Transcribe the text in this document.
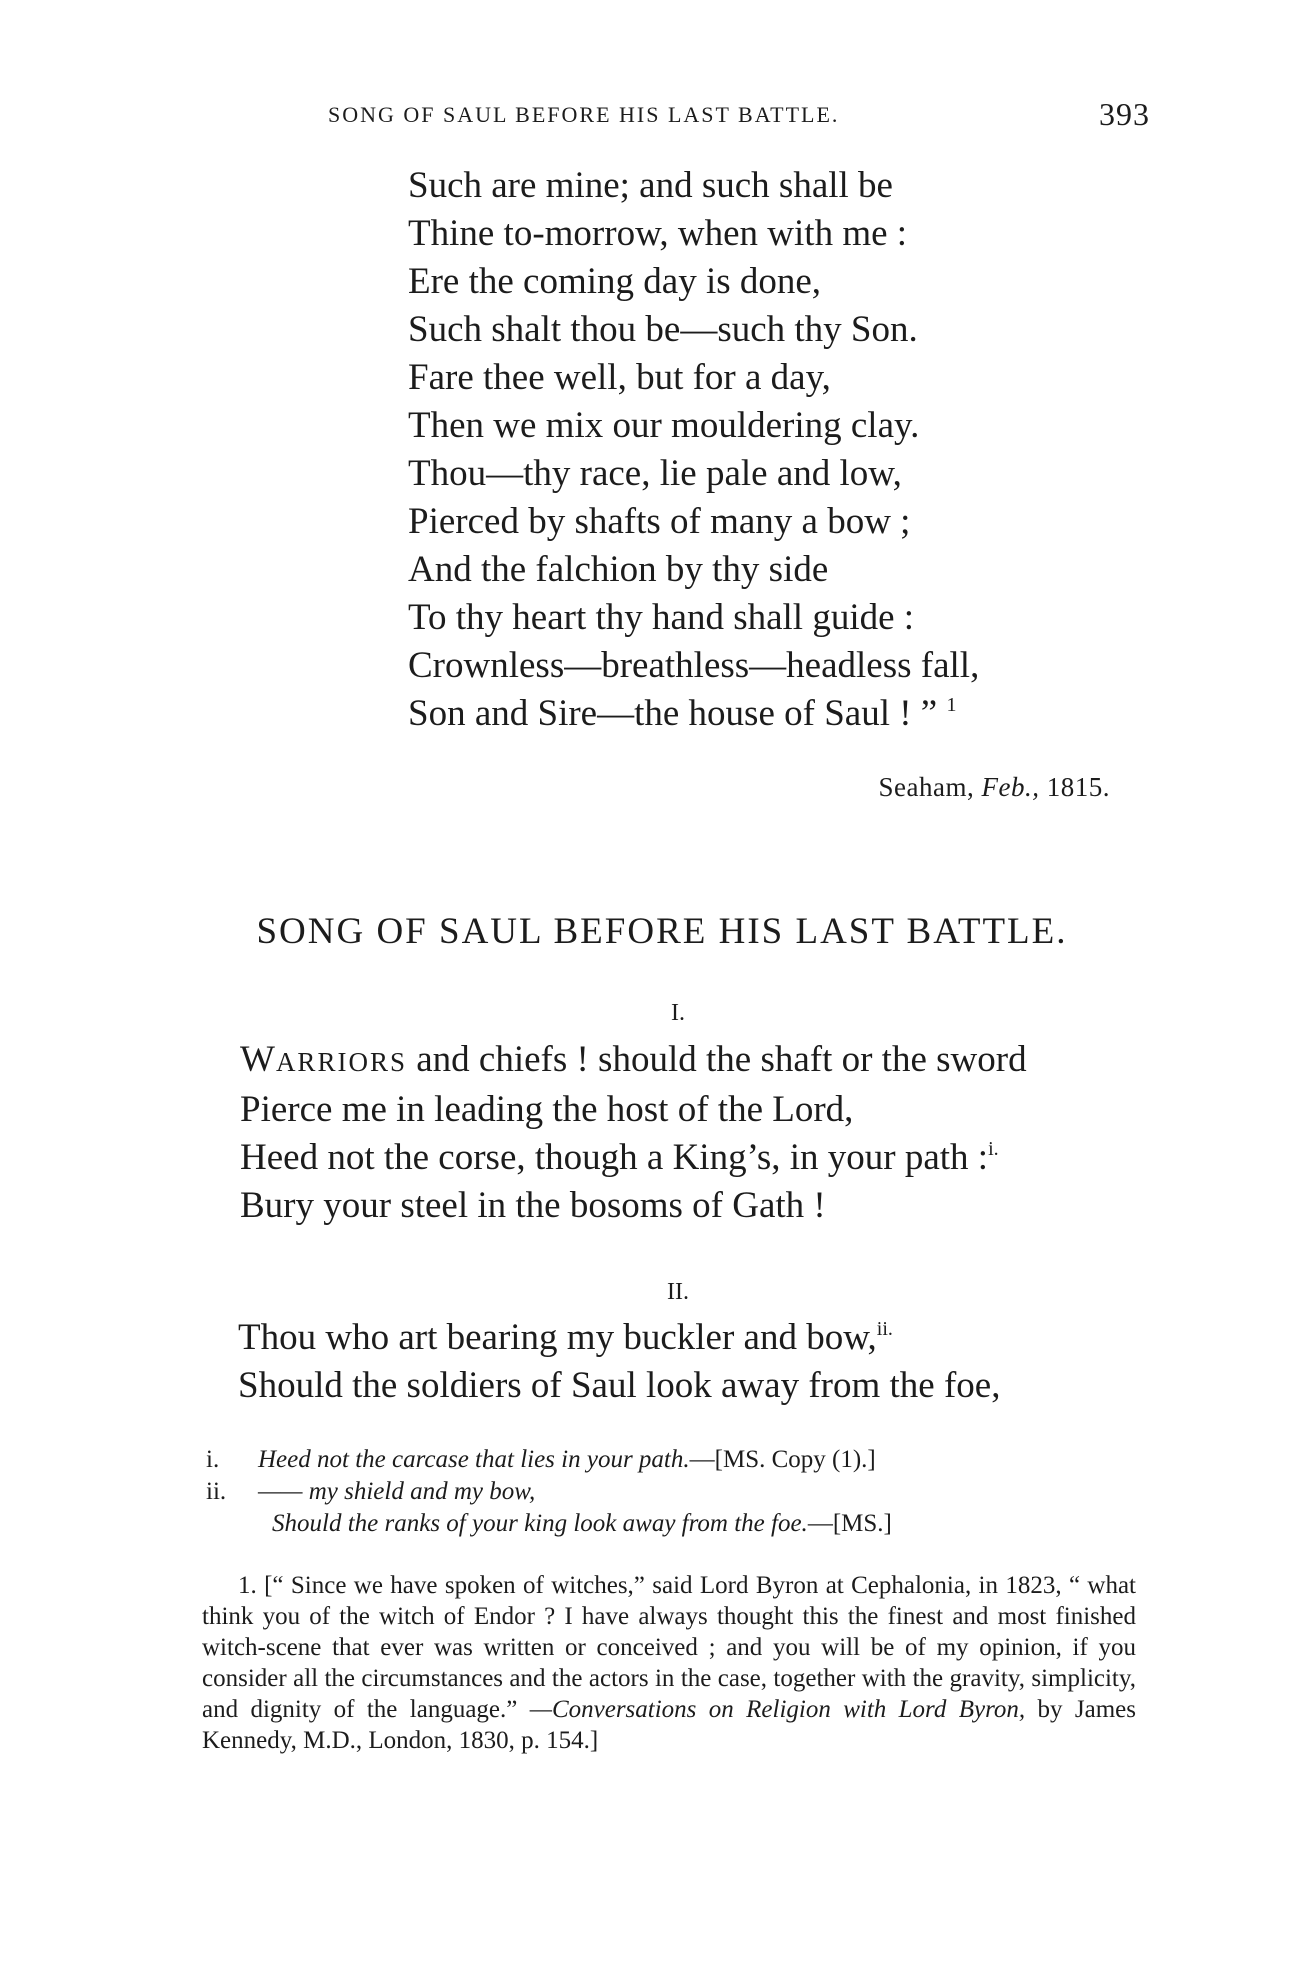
SONG OF SAUL BEFORE HIS LAST BATTLE.	393
Such are mine; and such shall be
Thine to-morrow, when with me :
Ere the coming day is done,
Such shalt thou be—such thy Son.
Fare thee well, but for a day,
Then we mix our mouldering clay.
Thou—thy race, lie pale and low,
Pierced by shafts of many a bow ;
And the falchion by thy side
To thy heart thy hand shall guide :
Crownless—breathless—headless fall,
Son and Sire—the house of Saul ! ” $^1$
Seaham, Feb., 1815.
SONG OF SAUL BEFORE HIS LAST BATTLE.
I.
WARRIORS and chiefs ! should the shaft or the sword
Pierce me in leading the host of the Lord,
Heed not the corse, though a King’s, in your path :$^{i.}$
Bury your steel in the bosoms of Gath !
II.
Thou who art bearing my buckler and bow,$^{ii.}$
Should the soldiers of Saul look away from the foe,
i.	Heed not the carcase that lies in your path. —[MS. Copy (1).]
ii.	—— my shield and my bow,
Should the ranks of your king look away from the foe. —[MS.]

1. [“ Since we have spoken of witches,” said Lord Byron at Cephalonia, in 1823, “ what think you of the witch of Endor ? I have always thought this the finest and most finished witch-scene that ever was written or conceived ; and you will be of my opinion, if you consider all the circumstances and the actors in the case, together with the gravity, simplicity, and dignity of the language.” —Conversations on Religion with Lord Byron, by James Kennedy, M.D., London, 1830, p. 154.]
